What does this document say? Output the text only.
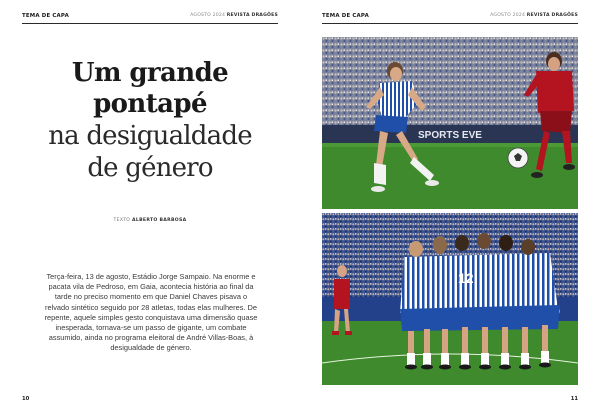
TEMA DE CAPA	AGOSTO 2024 REVISTA DRAGÕES
Um grande
pontapé
na desigualdade
de género
TEXTO ALBERTO BARBOSA
Terça-feira, 13 de agosto, Estádio Jorge Sampaio. Na enorme e pacata vila de Pedroso, em Gaia, acontecia história ao final da tarde no preciso momento em que Daniel Chaves pisava o relvado sintético seguido por 28 atletas, todas elas mulheres. De repente, aquele simples gesto conquistava uma dimensão quase inesperada, tornava-se um passo de gigante, um combate assumido, ainda no programa eleitoral de André Villas-Boas, à desigualdade de género.
10
TEMA DE CAPA	AGOSTO 2024 REVISTA DRAGÕES
SPORTS EVE
12
11
